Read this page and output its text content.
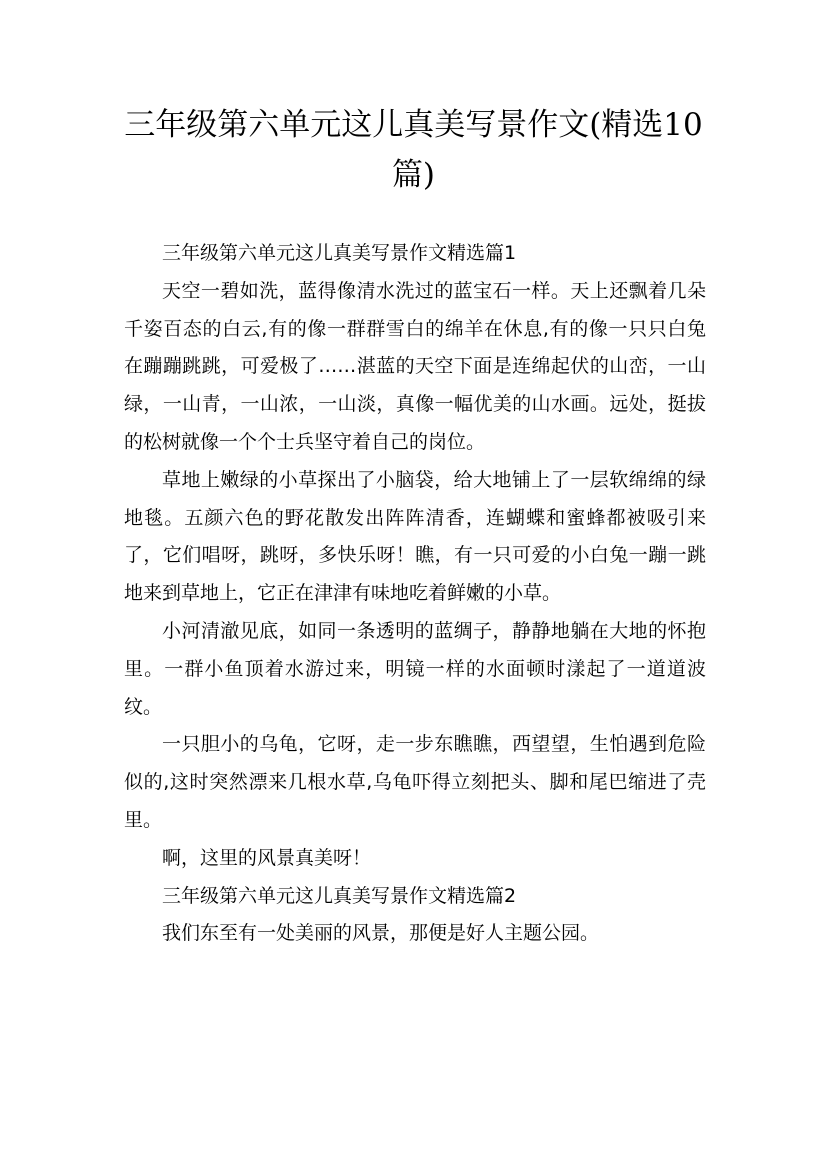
三年级第六单元这儿真美写景作文(精选10篇)

三年级第六单元这儿真美写景作文精选篇1

天空一碧如洗，蓝得像清水洗过的蓝宝石一样。天上还飘着几朵千姿百态的白云,有的像一群群雪白的绵羊在休息,有的像一只只白兔在蹦蹦跳跳，可爱极了……湛蓝的天空下面是连绵起伏的山峦，一山绿，一山青，一山浓，一山淡，真像一幅优美的山水画。远处，挺拔的松树就像一个个士兵坚守着自己的岗位。

草地上嫩绿的小草探出了小脑袋，给大地铺上了一层软绵绵的绿地毯。五颜六色的野花散发出阵阵清香，连蝴蝶和蜜蜂都被吸引来了，它们唱呀，跳呀，多快乐呀！瞧，有一只可爱的小白兔一蹦一跳地来到草地上，它正在津津有味地吃着鲜嫩的小草。

小河清澈见底，如同一条透明的蓝绸子，静静地躺在大地的怀抱里。一群小鱼顶着水游过来，明镜一样的水面顿时漾起了一道道波纹。

一只胆小的乌龟，它呀，走一步东瞧瞧，西望望，生怕遇到危险似的,这时突然漂来几根水草,乌龟吓得立刻把头、脚和尾巴缩进了壳里。

啊，这里的风景真美呀！

三年级第六单元这儿真美写景作文精选篇2

我们东至有一处美丽的风景，那便是好人主题公园。
